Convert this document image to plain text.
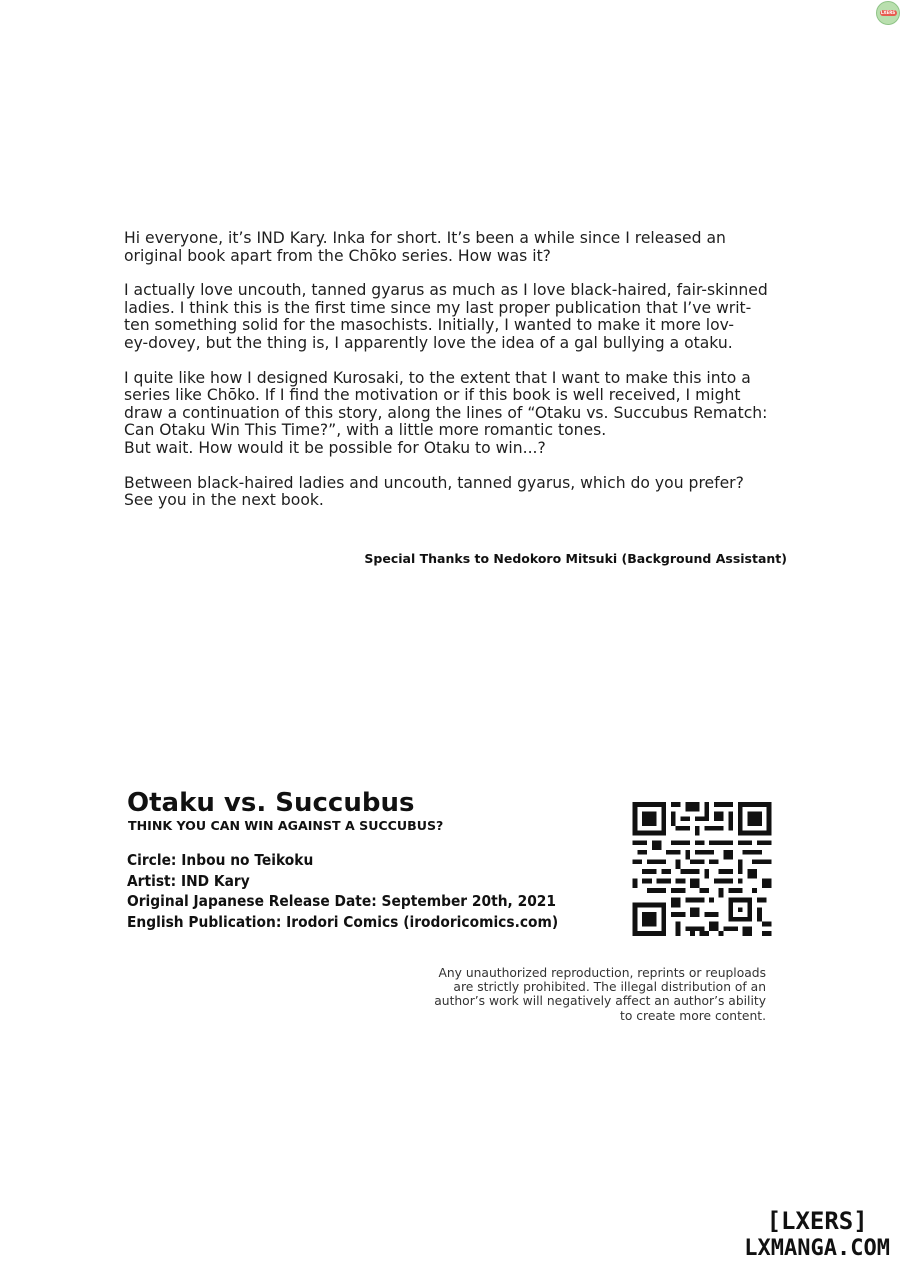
LXERS

Hi everyone, it’s IND Kary. Inka for short. It’s been a while since I released an
original book apart from the Chōko series. How was it?

I actually love uncouth, tanned gyarus as much as I love black-haired, fair-skinned
ladies. I think this is the first time since my last proper publication that I’ve writ-
ten something solid for the masochists. Initially, I wanted to make it more lov-
ey-dovey, but the thing is, I apparently love the idea of a gal bullying a otaku.

I quite like how I designed Kurosaki, to the extent that I want to make this into a
series like Chōko. If I find the motivation or if this book is well received, I might
draw a continuation of this story, along the lines of “Otaku vs. Succubus Rematch:
Can Otaku Win This Time?”, with a little more romantic tones.
But wait. How would it be possible for Otaku to win...?

Between black-haired ladies and uncouth, tanned gyarus, which do you prefer?
See you in the next book.

Special Thanks to Nedokoro Mitsuki (Background Assistant)
Otaku vs. Succubus
THINK YOU CAN WIN AGAINST A SUCCUBUS?
Circle: Inbou no Teikoku
Artist: IND Kary
Original Japanese Release Date: September 20th, 2021
English Publication: Irodori Comics (irodoricomics.com)
Any unauthorized reproduction, reprints or reuploads
are strictly prohibited. The illegal distribution of an
author’s work will negatively affect an author’s ability
to create more content.
[LXERS]
LXMANGA.COM
